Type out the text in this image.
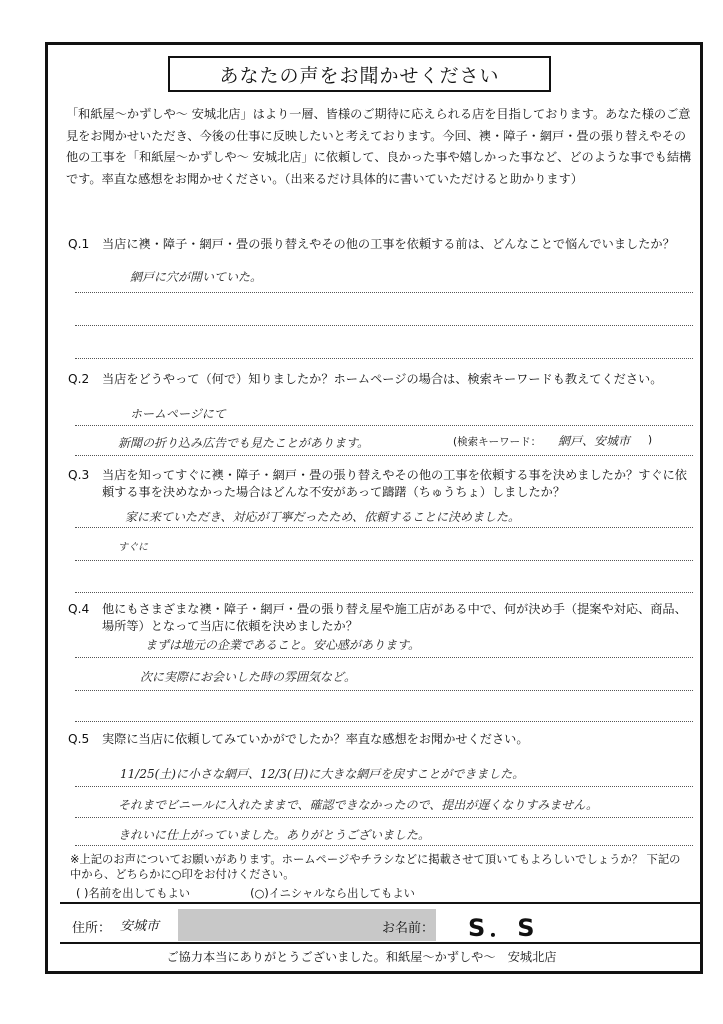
あなたの声をお聞かせください
「和紙屋〜かずしや〜 安城北店」はより一層、皆様のご期待に応えられる店を目指しております。あなた様のご意見をお聞かせいただき、今後の仕事に反映したいと考えております。今回、襖・障子・網戸・畳の張り替えやその他の工事を「和紙屋〜かずしや〜 安城北店」に依頼して、良かった事や嬉しかった事など、どのような事でも結構です。率直な感想をお聞かせください。（出来るだけ具体的に書いていただけると助かります）
Q.1	当店に襖・障子・網戸・畳の張り替えやその他の工事を依頼する前は、どんなことで悩んでいましたか？
網戸に穴が開いていた。
Q.2	当店をどうやって（何で）知りましたか？ホームページの場合は、検索キーワードも教えてください。
ホームページにて
新聞の折り込み広告でも見たことがあります。	(検索キーワード： 網戸、安城市 )
Q.3	当店を知ってすぐに襖・障子・網戸・畳の張り替えやその他の工事を依頼する事を決めましたか？すぐに依頼する事を決めなかった場合はどんな不安があって躊躇（ちゅうちょ）しましたか？
家に来ていただき、対応が丁寧だったため、依頼することに決めました。
すぐに
Q.4	他にもさまざまな襖・障子・網戸・畳の張り替え屋や施工店がある中で、何が決め手（提案や対応、商品、場所等）となって当店に依頼を決めましたか？
まずは地元の企業であること。安心感があります。
次に実際にお会いした時の雰囲気など。
Q.5	実際に当店に依頼してみていかがでしたか？率直な感想をお聞かせください。
11/25(土)に小さな網戸、12/3(日)に大きな網戸を戻すことができました。
それまでビニールに入れたままで、確認できなかったので、提出が遅くなりすみません。
きれいに仕上がっていました。ありがとうございました。
※上記のお声についてお願いがあります。ホームページやチラシなどに掲載させて頂いてもよろしいでしょうか？ 下記の中から、どちらかに○印をお付けください。
( )名前を出してもよい	(○)イニシャルなら出してもよい
住所： 安城市	お名前： S．S
ご協力本当にありがとうございました。和紙屋〜かずしや〜　安城北店
